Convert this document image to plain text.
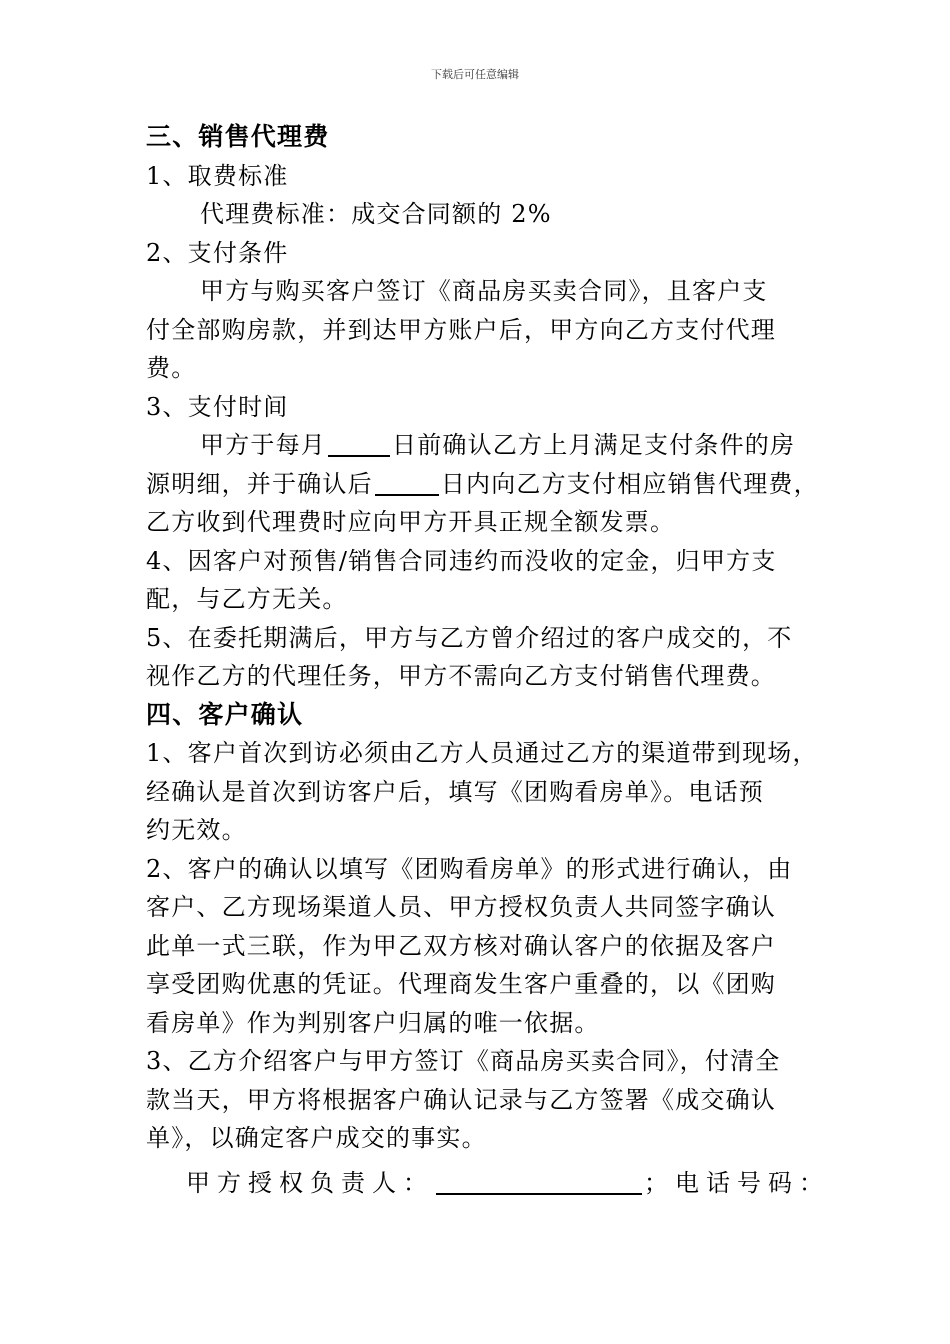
下载后可任意编辑
三、销售代理费
1、取费标准
代理费标准：成交合同额的 2%
2、支付条件
甲方与购买客户签订《商品房买卖合同》，且客户支
付全部购房款，并到达甲方账户后，甲方向乙方支付代理
费。
3、支付时间
甲方于每月	日前确认乙方上月满足支付条件的房
源明细，并于确认后	日内向乙方支付相应销售代理费，
乙方收到代理费时应向甲方开具正规全额发票。
4、因客户对预售/销售合同违约而没收的定金，归甲方支
配，与乙方无关。
5、在委托期满后，甲方与乙方曾介绍过的客户成交的，不
视作乙方的代理任务，甲方不需向乙方支付销售代理费。
四、客户确认
1、客户首次到访必须由乙方人员通过乙方的渠道带到现场，
经确认是首次到访客户后，填写《团购看房单》。电话预
约无效。
2、客户的确认以填写《团购看房单》的形式进行确认，由
客户、乙方现场渠道人员、甲方授权负责人共同签字确认
此单一式三联，作为甲乙双方核对确认客户的依据及客户
享受团购优惠的凭证。代理商发生客户重叠的，以《团购
看房单》作为判别客户归属的唯一依据。
3、乙方介绍客户与甲方签订《商品房买卖合同》，付清全
款当天，甲方将根据客户确认记录与乙方签署《成交确认
单》，以确定客户成交的事实。
甲方授权负责人：	；电话号码：
